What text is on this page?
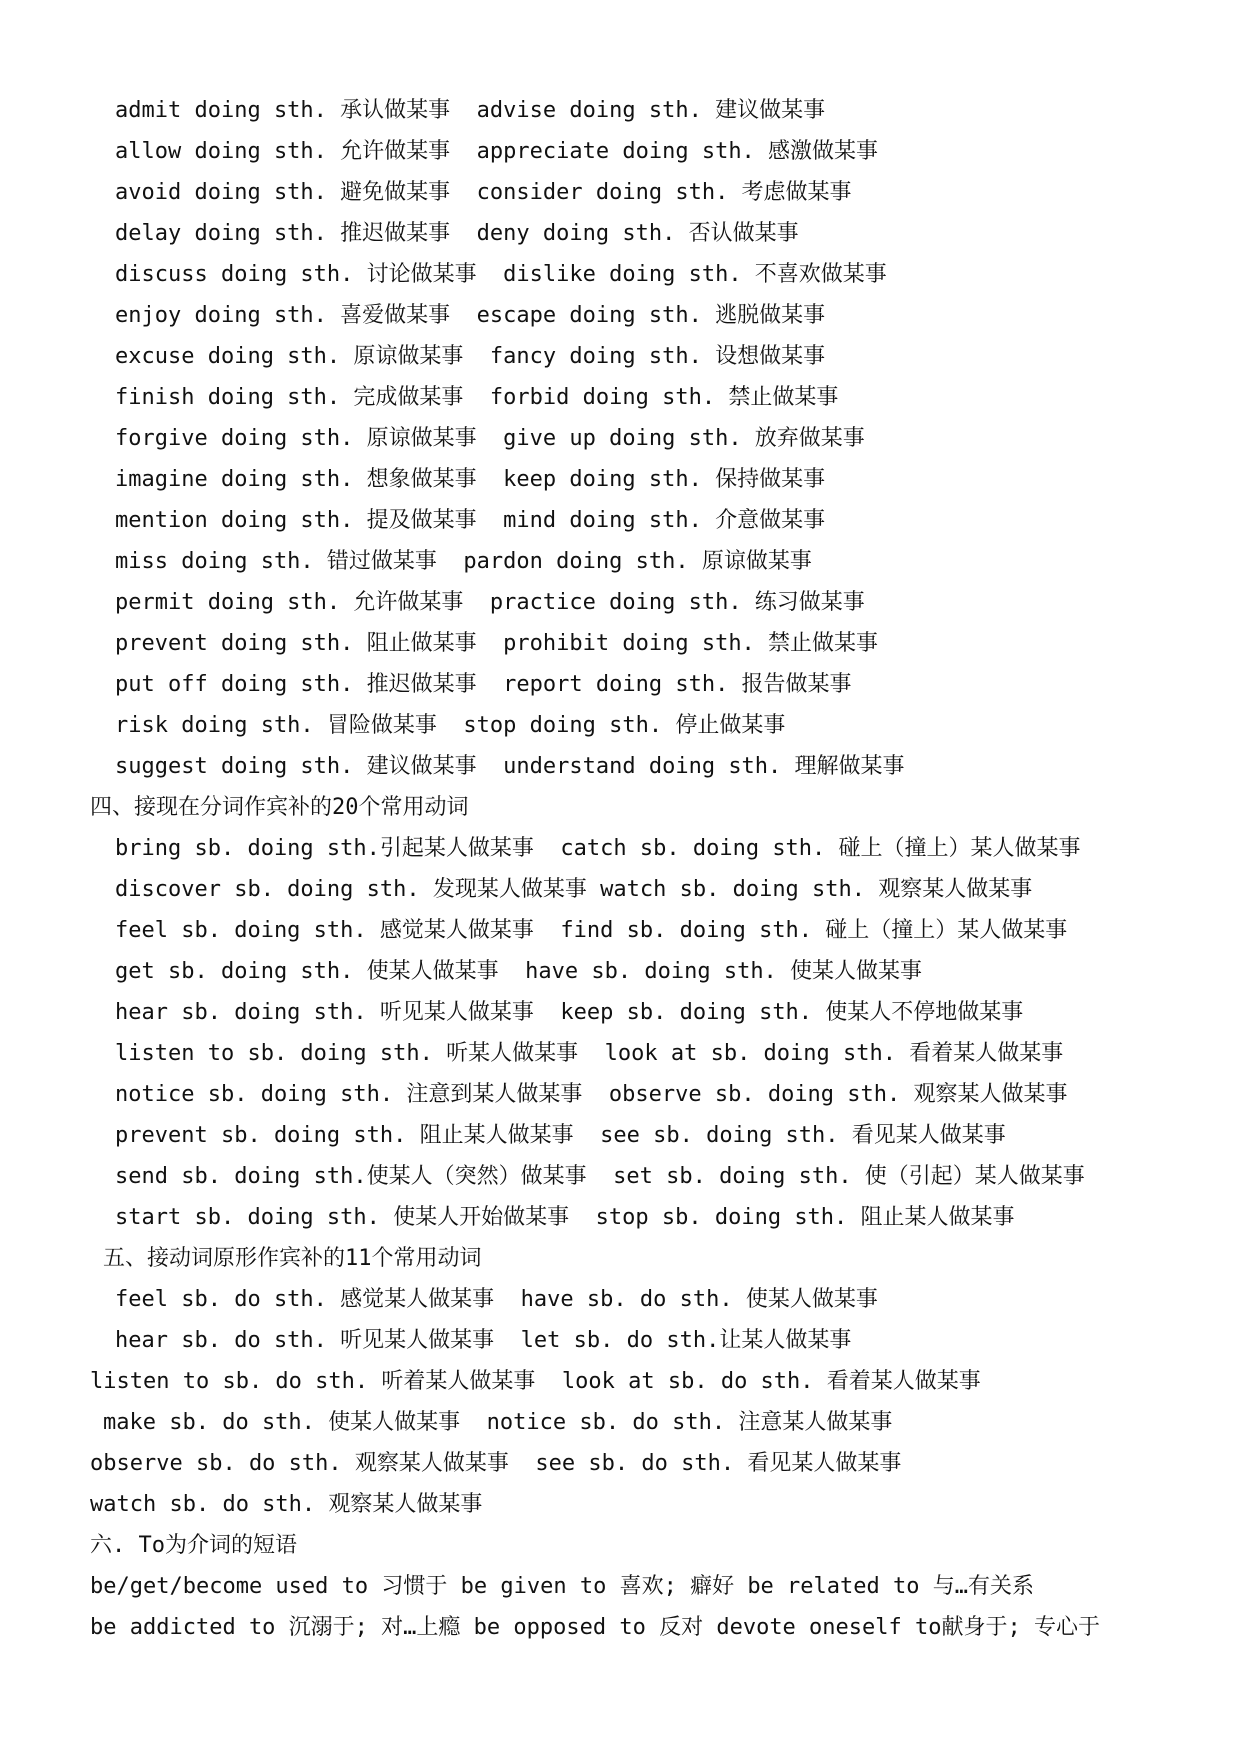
admit doing sth. 承认做某事  advise doing sth. 建议做某事
allow doing sth. 允许做某事  appreciate doing sth. 感激做某事
avoid doing sth. 避免做某事  consider doing sth. 考虑做某事
delay doing sth. 推迟做某事  deny doing sth. 否认做某事
discuss doing sth. 讨论做某事  dislike doing sth. 不喜欢做某事
enjoy doing sth. 喜爱做某事  escape doing sth. 逃脱做某事
excuse doing sth. 原谅做某事  fancy doing sth. 设想做某事
finish doing sth. 完成做某事  forbid doing sth. 禁止做某事
forgive doing sth. 原谅做某事  give up doing sth. 放弃做某事
imagine doing sth. 想象做某事  keep doing sth. 保持做某事
mention doing sth. 提及做某事  mind doing sth. 介意做某事
miss doing sth. 错过做某事  pardon doing sth. 原谅做某事
permit doing sth. 允许做某事  practice doing sth. 练习做某事
prevent doing sth. 阻止做某事  prohibit doing sth. 禁止做某事
put off doing sth. 推迟做某事  report doing sth. 报告做某事
risk doing sth. 冒险做某事  stop doing sth. 停止做某事
suggest doing sth. 建议做某事  understand doing sth. 理解做某事
四、接现在分词作宾补的20个常用动词
bring sb. doing sth.引起某人做某事  catch sb. doing sth. 碰上（撞上）某人做某事
discover sb. doing sth. 发现某人做某事 watch sb. doing sth. 观察某人做某事
feel sb. doing sth. 感觉某人做某事  find sb. doing sth. 碰上（撞上）某人做某事
get sb. doing sth. 使某人做某事  have sb. doing sth. 使某人做某事
hear sb. doing sth. 听见某人做某事  keep sb. doing sth. 使某人不停地做某事
listen to sb. doing sth. 听某人做某事  look at sb. doing sth. 看着某人做某事
notice sb. doing sth. 注意到某人做某事  observe sb. doing sth. 观察某人做某事
prevent sb. doing sth. 阻止某人做某事  see sb. doing sth. 看见某人做某事
send sb. doing sth.使某人（突然）做某事  set sb. doing sth. 使（引起）某人做某事
start sb. doing sth. 使某人开始做某事  stop sb. doing sth. 阻止某人做某事
五、接动词原形作宾补的11个常用动词
feel sb. do sth. 感觉某人做某事  have sb. do sth. 使某人做某事
hear sb. do sth. 听见某人做某事  let sb. do sth.让某人做某事
listen to sb. do sth. 听着某人做某事  look at sb. do sth. 看着某人做某事
make sb. do sth. 使某人做某事  notice sb. do sth. 注意某人做某事
observe sb. do sth. 观察某人做某事  see sb. do sth. 看见某人做某事
watch sb. do sth. 观察某人做某事
六. To为介词的短语
be/get/become used to 习惯于 be given to 喜欢; 癖好 be related to 与…有关系
be addicted to 沉溺于; 对…上瘾 be opposed to 反对 devote oneself to献身于; 专心于
